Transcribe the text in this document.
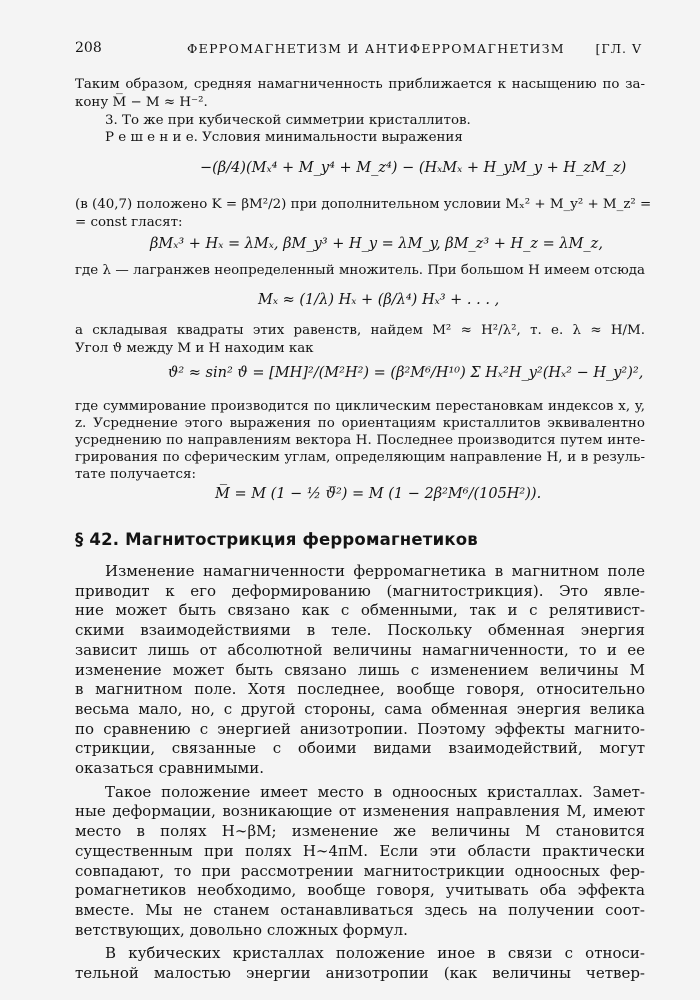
208	ФЕРРОМАГНЕТИЗМ И АНТИФЕРРОМАГНЕТИЗМ [ГЛ. V
Таким образом, средняя намагниченность приближается к насыщению по за-
кону M̅ − M ≈ H⁻².
3. То же при кубической симметрии кристаллитов.
Р е ш е н и е. Условия минимальности выражения
−(β/4)(Mₓ⁴ + M_y⁴ + M_z⁴) − (HₓMₓ + H_yM_y + H_zM_z)
(в (40,7) положено K = βM²/2) при дополнительном условии Mₓ² + M_y² + M_z² =
= const гласят:
βMₓ³ + Hₓ = λMₓ, βM_y³ + H_y = λM_y, βM_z³ + H_z = λM_z,
где λ — лагранжев неопределенный множитель. При большом H имеем отсюда
Mₓ ≈ (1/λ) Hₓ + (β/λ⁴) Hₓ³ + . . . ,
а складывая квадраты этих равенств, найдем M² ≈ H²/λ², т. е. λ ≈ H/M.
Угол ϑ между M и H находим как
ϑ² ≈ sin² ϑ = [MH]²/(M²H²) = (β²M⁶/H¹⁰) Σ Hₓ²H_y²(Hₓ² − H_y²)²,
где суммирование производится по циклическим перестановкам индексов x, y,
z. Усреднение этого выражения по ориентациям кристаллитов эквивалентно
усреднению по направлениям вектора H. Последнее производится путем инте-
грирования по сферическим углам, определяющим направление H, и в резуль-
тате получается:
M̅ = M (1 − ½ ϑ̅²) = M (1 − 2β²M⁶/(105H²)).
§ 42. Магнитострикция ферромагнетиков
Изменение намагниченности ферромагнетика в магнитном поле
приводит к его деформированию (магнитострикция). Это явле-
ние может быть связано как с обменными, так и с релятивист-
скими взаимодействиями в теле. Поскольку обменная энергия
зависит лишь от абсолютной величины намагниченности, то и ее
изменение может быть связано лишь с изменением величины M
в магнитном поле. Хотя последнее, вообще говоря, относительно
весьма мало, но, с другой стороны, сама обменная энергия велика
по сравнению с энергией анизотропии. Поэтому эффекты магнито-
стрикции, связанные с обоими видами взаимодействий, могут
оказаться сравнимыми.
Такое положение имеет место в одноосных кристаллах. Замет-
ные деформации, возникающие от изменения направления M, имеют
место в полях H∼βM; изменение же величины M становится
существенным при полях H∼4πM. Если эти области практически
совпадают, то при рассмотрении магнитострикции одноосных фер-
ромагнетиков необходимо, вообще говоря, учитывать оба эффекта
вместе. Мы не станем останавливаться здесь на получении соот-
ветствующих, довольно сложных формул.
В кубических кристаллах положение иное в связи с относи-
тельной малостью энергии анизотропии (как величины четвер-
